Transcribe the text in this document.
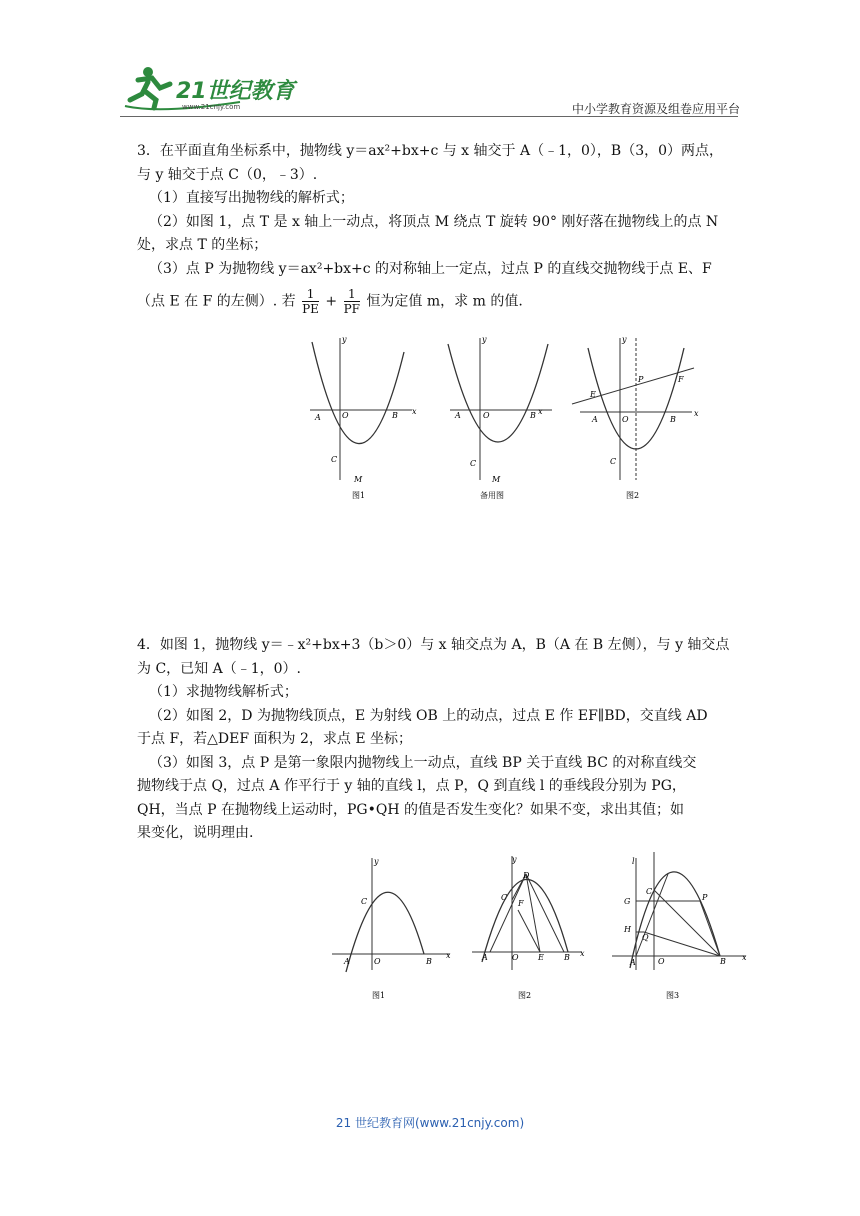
21世纪教育
www.21cnjy.com	中小学教育资源及组卷应用平台

3．在平面直角坐标系中，抛物线 y＝ax²+bx+c 与 x 轴交于 A（﹣1，0），B（3，0）两点，

与 y 轴交于点 C（0，﹣3）.

（1）直接写出抛物线的解析式；

（2）如图 1，点 T 是 x 轴上一动点，将顶点 M 绕点 T 旋转 90° 刚好落在抛物线上的点 N

处，求点 T 的坐标；

（3）点 P 为抛物线 y＝ax²+bx+c 的对称轴上一定点，过点 P 的直线交抛物线于点 E、F

（点 E 在 F 的左侧）. 若 $\frac{1}{PE} + \frac{1}{PF}$ 恒为定值 m，求 m 的值.

x
y
A	O	B
C
M
图1
x
y
A	O	B
C
M
备用图
x
y
E
P	F
A	O	B
C
图2

4．如图 1，抛物线 y＝﹣x²+bx+3（b＞0）与 x 轴交点为 A，B（A 在 B 左侧），与 y 轴交点

为 C，已知 A（﹣1，0）.

（1）求抛物线解析式；

（2）如图 2，D 为抛物线顶点，E 为射线 OB 上的动点，过点 E 作 EF∥BD，交直线 AD

于点 F，若△DEF 面积为 2，求点 E 坐标；

（3）如图 3，点 P 是第一象限内抛物线上一动点，直线 BP 关于直线 BC 的对称直线交

抛物线于点 Q，过点 A 作平行于 y 轴的直线 l，点 P，Q 到直线 l 的垂线段分别为 PG，

QH，当点 P 在抛物线上运动时，PG•QH 的值是否发生变化？如果不变，求出其值；如

果变化，说明理由.

x
y
A	O	B
C
图1
y
x
A	O E	B
D
C
F
图2
l
x
G
H
Q
C
P
A	O	B
图3
21 世纪教育网(www.21cnjy.com)
